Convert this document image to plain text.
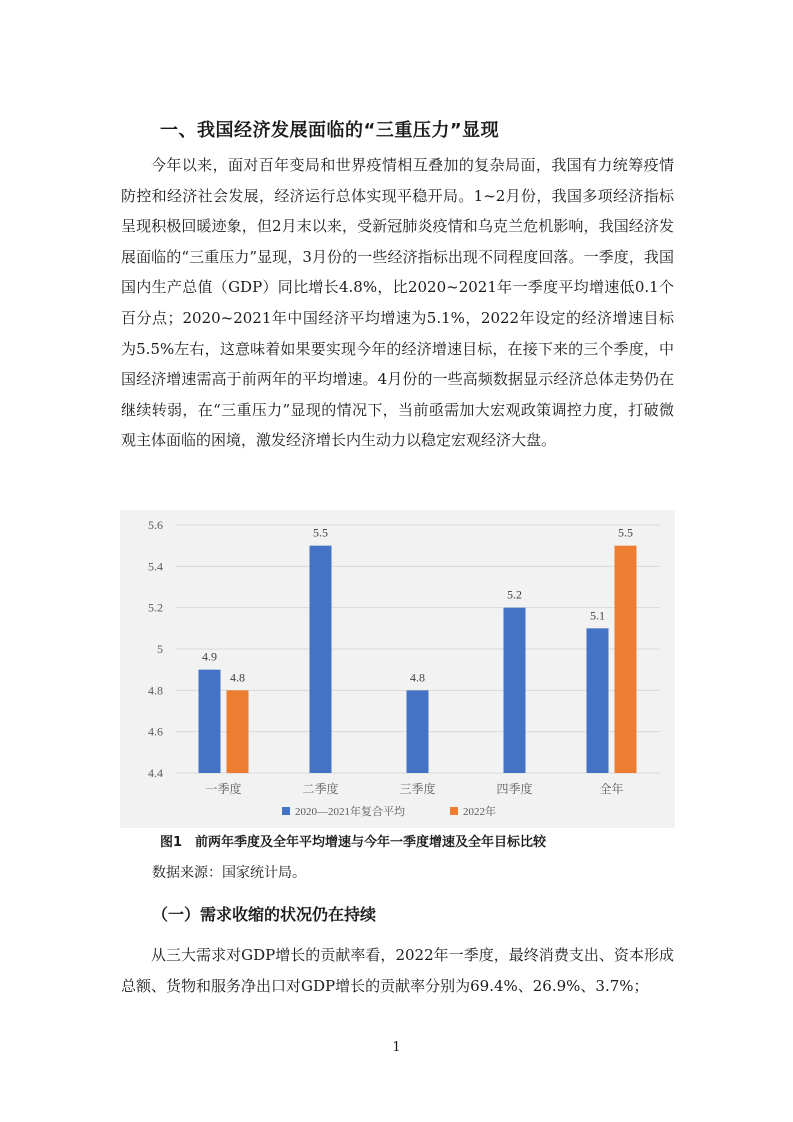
一、我国经济发展面临的“三重压力”显现

今年以来，面对百年变局和世界疫情相互叠加的复杂局面，我国有力统筹疫情防控和经济社会发展，经济运行总体实现平稳开局。1~2月份，我国多项经济指标呈现积极回暖迹象，但2月末以来，受新冠肺炎疫情和乌克兰危机影响，我国经济发展面临的“三重压力”显现，3月份的一些经济指标出现不同程度回落。一季度，我国国内生产总值（GDP）同比增长4.8%，比2020~2021年一季度平均增速低0.1个百分点；2020~2021年中国经济平均增速为5.1%，2022年设定的经济增速目标为5.5%左右，这意味着如果要实现今年的经济增速目标，在接下来的三个季度，中国经济增速需高于前两年的平均增速。4月份的一些高频数据显示经济总体走势仍在继续转弱，在“三重压力”显现的情况下，当前亟需加大宏观政策调控力度，打破微观主体面临的困境，激发经济增长内生动力以稳定宏观经济大盘。

4.4
4.6
4.8
5
5.2
5.4
5.6
4.9
4.8
5.5
4.8
5.2
5.1
5.5
一季度	二季度	三季度	四季度	全年
2020—2021年复合平均	2022年

图1　前两年季度及全年平均增速与今年一季度增速及全年目标比较

数据来源：国家统计局。

（一）需求收缩的状况仍在持续

从三大需求对GDP增长的贡献率看，2022年一季度，最终消费支出、资本形成总额、货物和服务净出口对GDP增长的贡献率分别为69.4%、26.9%、3.7%；

1
